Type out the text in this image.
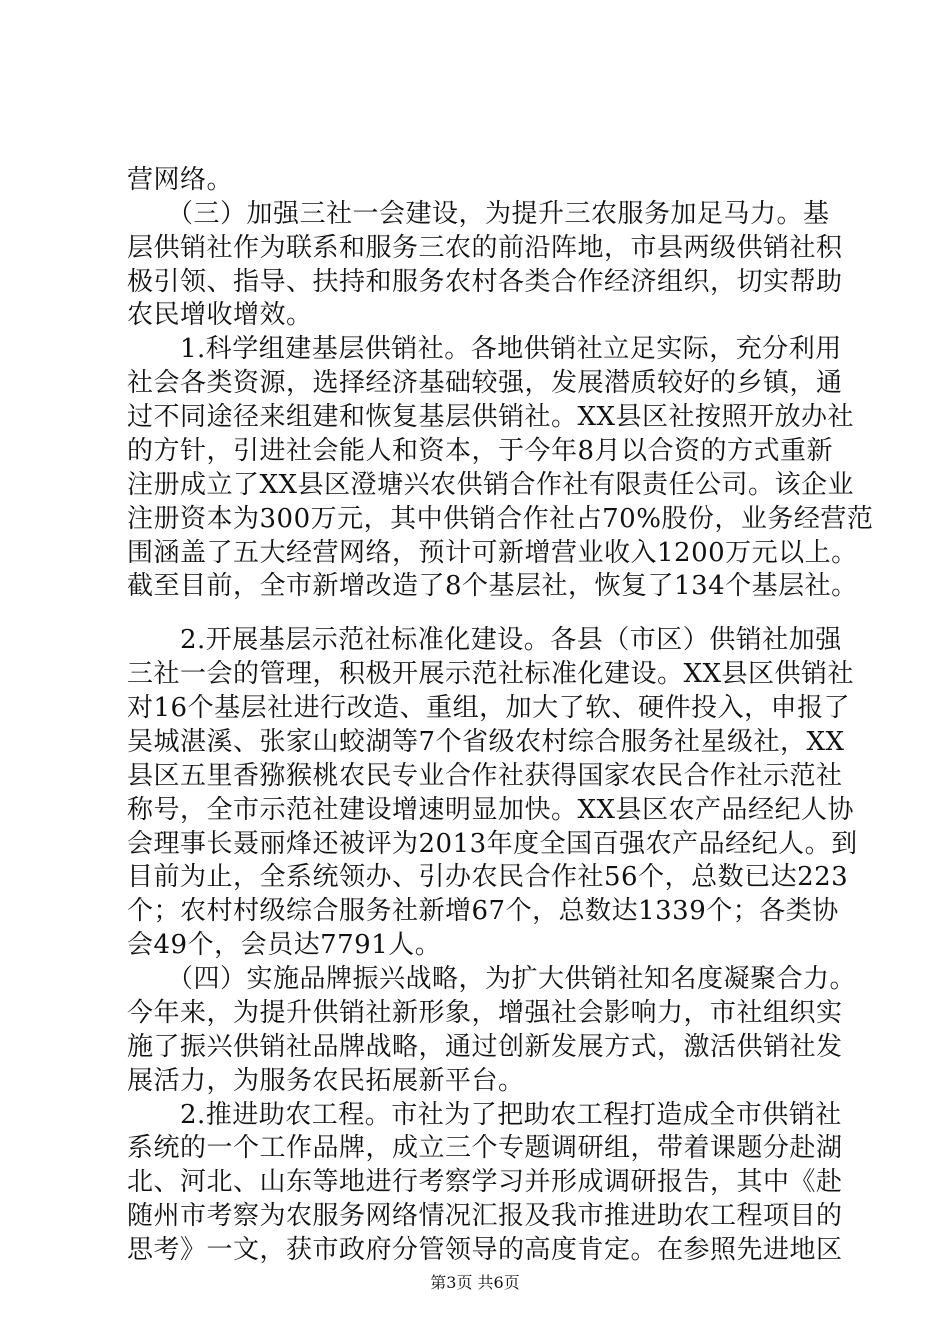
营网络。
　　（三）加强三社一会建设，为提升三农服务加足马力。基
层供销社作为联系和服务三农的前沿阵地，市县两级供销社积
极引领、指导、扶持和服务农村各类合作经济组织，切实帮助
农民增收增效。
　　1.科学组建基层供销社。各地供销社立足实际，充分利用
社会各类资源，选择经济基础较强，发展潜质较好的乡镇，通
过不同途径来组建和恢复基层供销社。XX县区社按照开放办社
的方针，引进社会能人和资本，于今年8月以合资的方式重新
注册成立了XX县区澄塘兴农供销合作社有限责任公司。该企业
注册资本为300万元，其中供销合作社占70%股份，业务经营范
围涵盖了五大经营网络，预计可新增营业收入1200万元以上。
截至目前，全市新增改造了8个基层社，恢复了134个基层社。
　　2.开展基层示范社标准化建设。各县（市区）供销社加强
三社一会的管理，积极开展示范社标准化建设。XX县区供销社
对16个基层社进行改造、重组，加大了软、硬件投入，申报了
吴城湛溪、张家山蛟湖等7个省级农村综合服务社星级社，XX
县区五里香猕猴桃农民专业合作社获得国家农民合作社示范社
称号，全市示范社建设增速明显加快。XX县区农产品经纪人协
会理事长聂丽烽还被评为2013年度全国百强农产品经纪人。到
目前为止，全系统领办、引办农民合作社56个，总数已达223
个；农村村级综合服务社新增67个，总数达1339个；各类协
会49个，会员达7791人。
　　（四）实施品牌振兴战略，为扩大供销社知名度凝聚合力。
今年来，为提升供销社新形象，增强社会影响力，市社组织实
施了振兴供销社品牌战略，通过创新发展方式，激活供销社发
展活力，为服务农民拓展新平台。
　　2.推进助农工程。市社为了把助农工程打造成全市供销社
系统的一个工作品牌，成立三个专题调研组，带着课题分赴湖
北、河北、山东等地进行考察学习并形成调研报告，其中《赴
随州市考察为农服务网络情况汇报及我市推进助农工程项目的
思考》一文，获市政府分管领导的高度肯定。在参照先进地区
第3页 共6页
